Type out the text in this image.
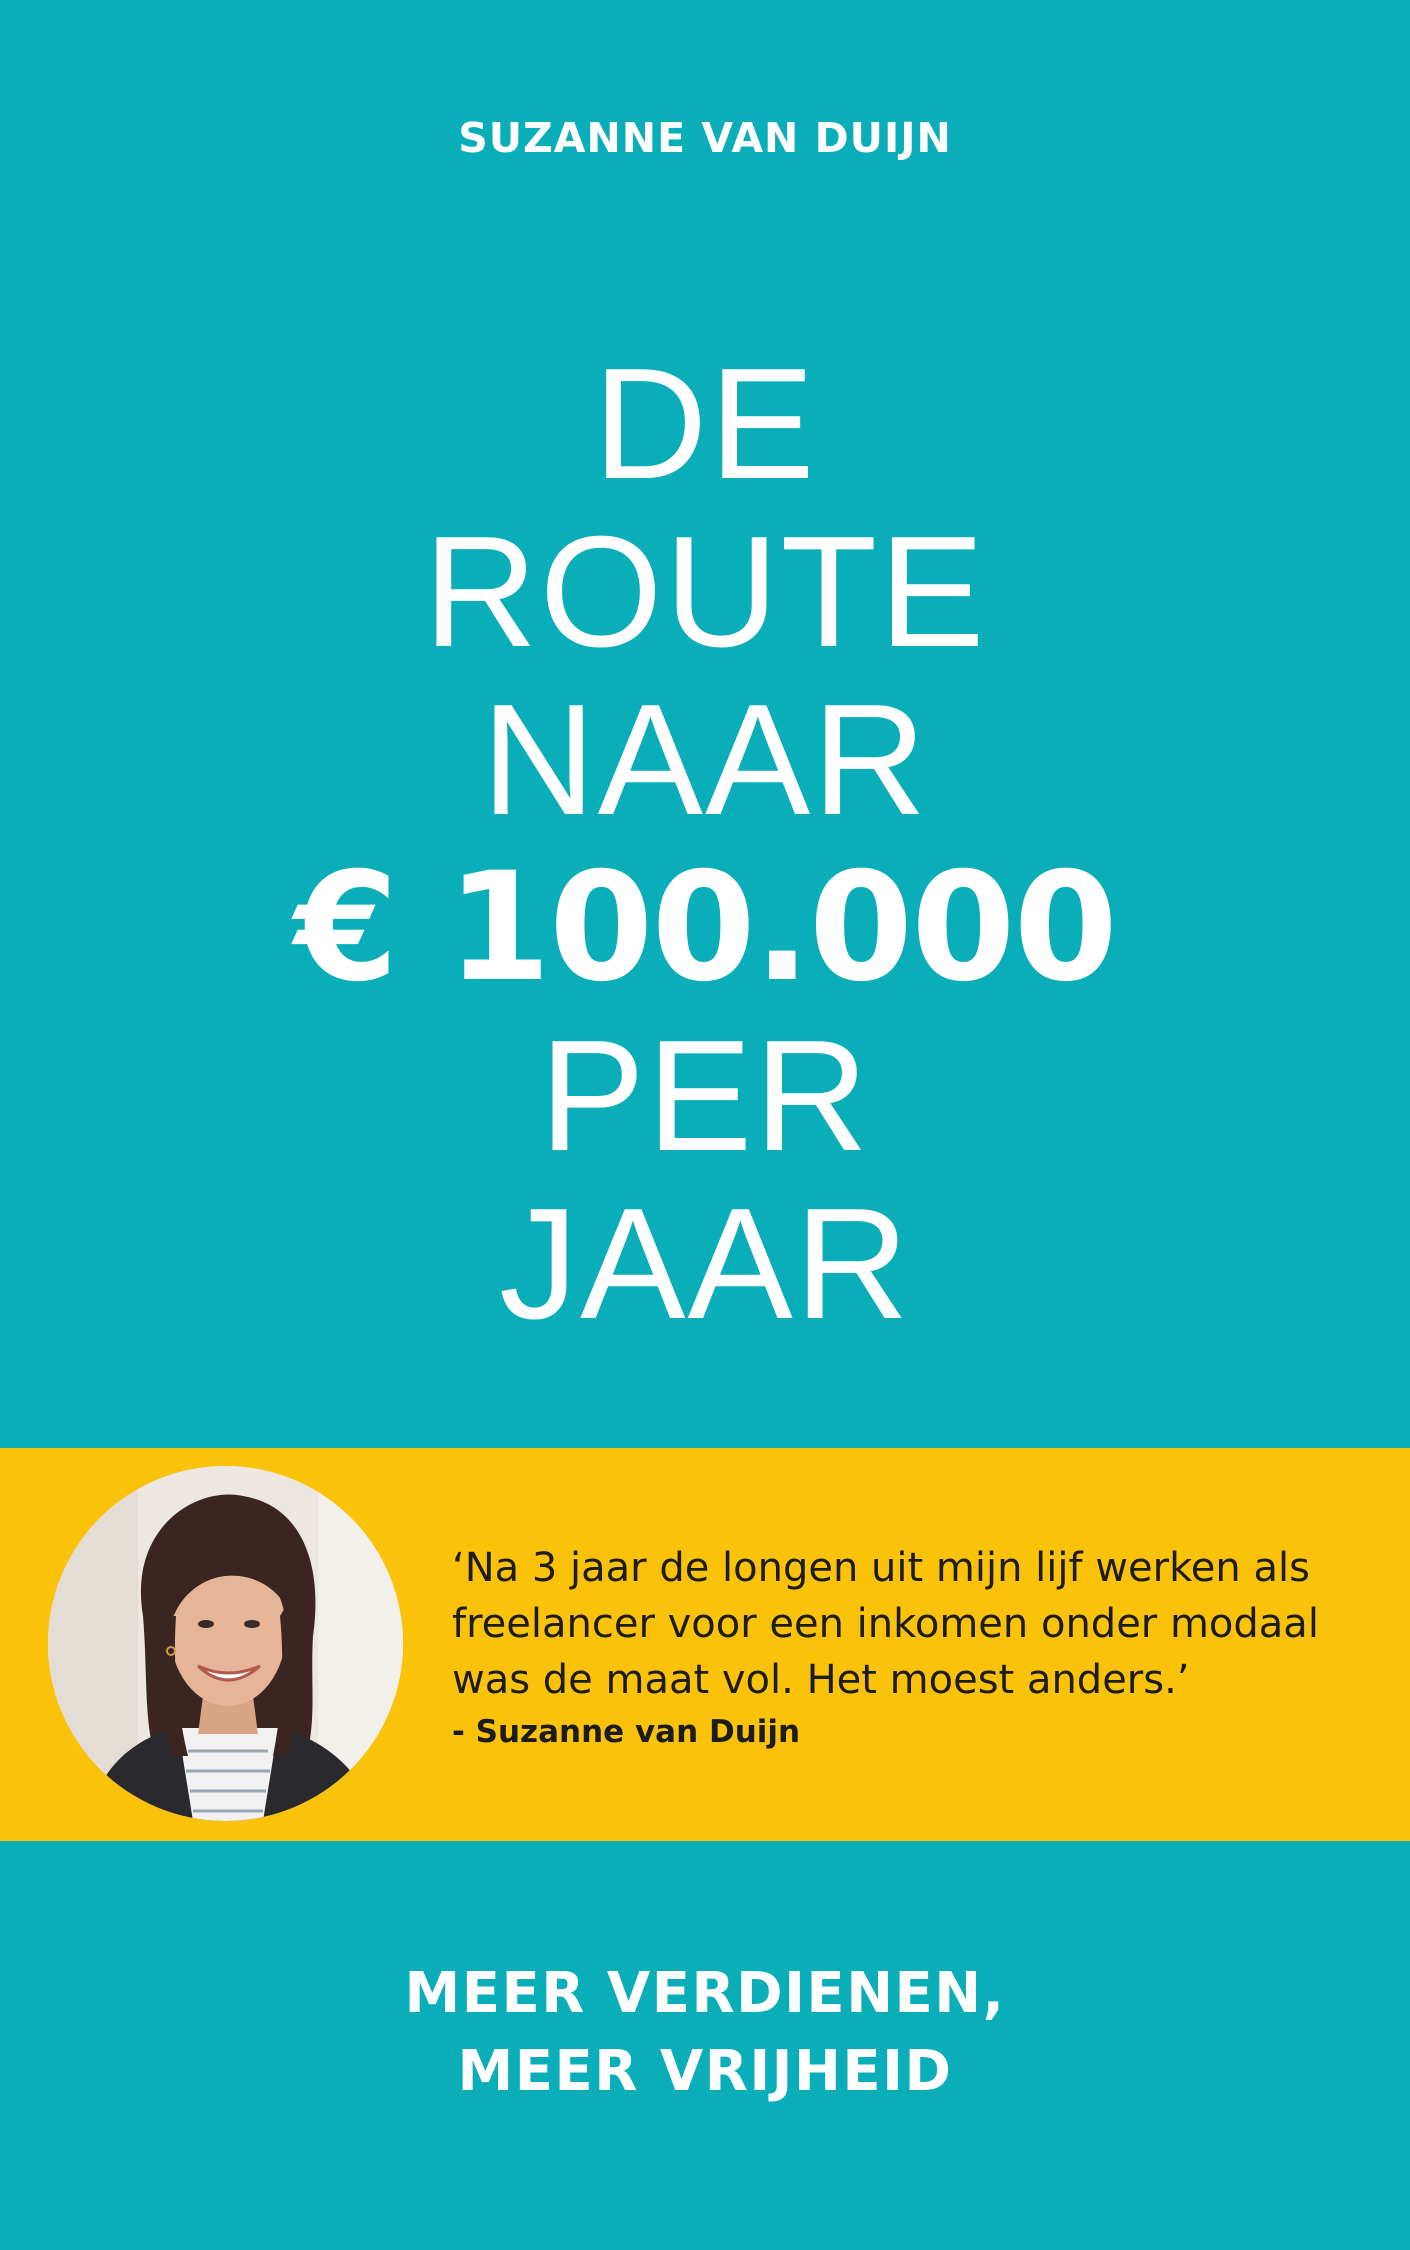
SUZANNE VAN DUIJN
DE
ROUTE
NAAR
€ 100.000
PER
JAAR
‘Na 3 jaar de longen uit mijn lijf werken als
freelancer voor een inkomen onder modaal
was de maat vol. Het moest anders.’
- Suzanne van Duijn
MEER VERDIENEN,
MEER VRIJHEID
